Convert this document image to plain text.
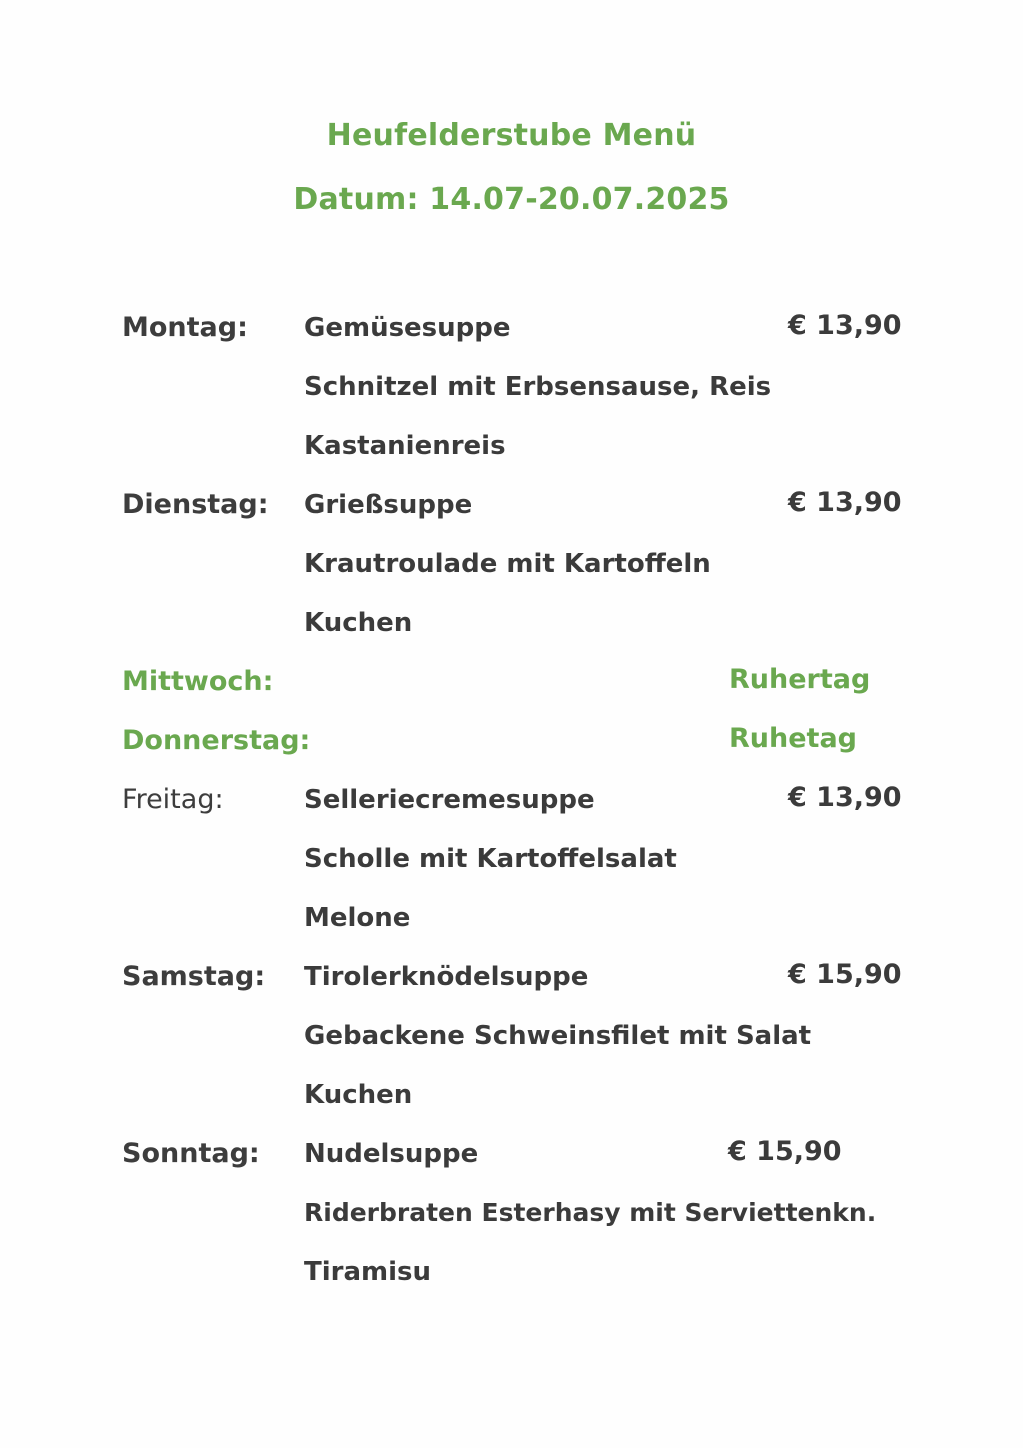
Heufelderstube Menü
Datum: 14.07-20.07.2025
Montag: Gemüsesuppe	€ 13,90
Schnitzel mit Erbsensause, Reis
Kastanienreis
Dienstag: Grießsuppe	€ 13,90
Krautroulade mit Kartoffeln
Kuchen
Mittwoch:	Ruhertag
Donnerstag:	Ruhetag
Freitag:	Selleriecremesuppe	€ 13,90
Scholle mit Kartoffelsalat
Melone
Samstag: Tirolerknödelsuppe	€ 15,90
Gebackene Schweinsfilet mit Salat
Kuchen
Sonntag: Nudelsuppe	€ 15,90
Riderbraten Esterhasy mit Serviettenkn.
Tiramisu
